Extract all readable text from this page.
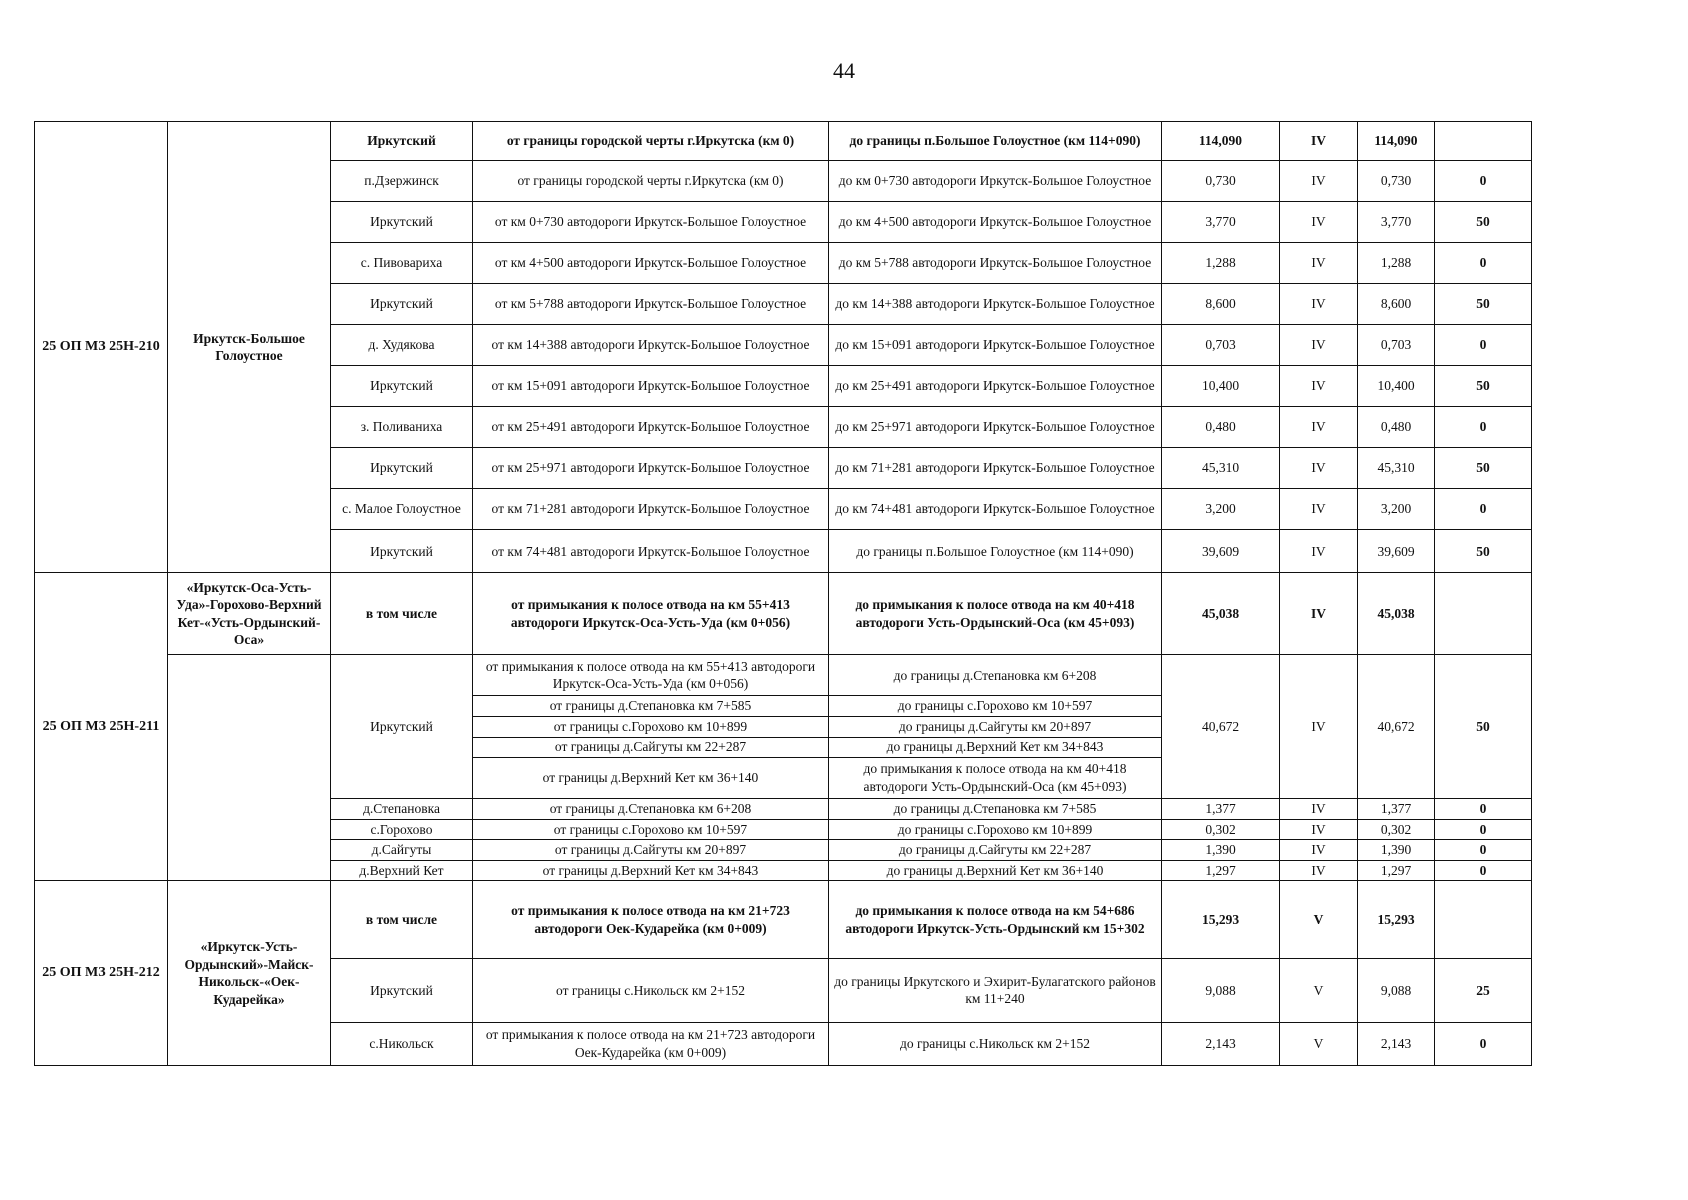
44
25 ОП МЗ 25Н-210	Иркутск-Большое Голоустное	Иркутский	от границы городской черты г.Иркутска (км 0)	до границы п.Большое Голоустное (км 114+090)	114,090	IV	114,090	
		п.Дзержинск	от границы городской черты г.Иркутска (км 0)	до км 0+730 автодороги Иркутск-Большое Голоустное	0,730	IV	0,730	0
		Иркутский	от км 0+730 автодороги Иркутск-Большое Голоустное	до км 4+500 автодороги Иркутск-Большое Голоустное	3,770	IV	3,770	50
		с. Пивовариха	от км 4+500 автодороги Иркутск-Большое Голоустное	до км 5+788 автодороги Иркутск-Большое Голоустное	1,288	IV	1,288	0
		Иркутский	от км 5+788 автодороги Иркутск-Большое Голоустное	до км 14+388 автодороги Иркутск-Большое Голоустное	8,600	IV	8,600	50
		д. Худякова	от км 14+388 автодороги Иркутск-Большое Голоустное	до км 15+091 автодороги Иркутск-Большое Голоустное	0,703	IV	0,703	0
		Иркутский	от км 15+091 автодороги Иркутск-Большое Голоустное	до км 25+491 автодороги Иркутск-Большое Голоустное	10,400	IV	10,400	50
		з. Поливаниха	от км 25+491 автодороги Иркутск-Большое Голоустное	до км 25+971 автодороги Иркутск-Большое Голоустное	0,480	IV	0,480	0
		Иркутский	от км 25+971 автодороги Иркутск-Большое Голоустное	до км 71+281 автодороги Иркутск-Большое Голоустное	45,310	IV	45,310	50
		с. Малое Голоустное	от км 71+281 автодороги Иркутск-Большое Голоустное	до км 74+481 автодороги Иркутск-Большое Голоустное	3,200	IV	3,200	0
		Иркутский	от км 74+481 автодороги Иркутск-Большое Голоустное	до границы п.Большое Голоустное (км 114+090)	39,609	IV	39,609	50
25 ОП МЗ 25Н-211	«Иркутск-Оса-Усть-Уда»-Горохово-Верхний Кет-«Усть-Ордынский-Оса»	в том числе	от примыкания к полосе отвода на км 55+413 автодороги Иркутск-Оса-Усть-Уда (км 0+056)	до примыкания к полосе отвода на км 40+418 автодороги Усть-Ордынский-Оса (км 45+093)	45,038	IV	45,038	
		Иркутский	от примыкания к полосе отвода на км 55+413 автодороги Иркутск-Оса-Усть-Уда (км 0+056)	до границы д.Степановка км 6+208	40,672	IV	40,672	50
			от границы д.Степановка км 7+585	до границы с.Горохово км 10+597				
			от границы с.Горохово км 10+899	до границы д.Сайгуты км 20+897				
			от границы д.Сайгуты км 22+287	до границы д.Верхний Кет км 34+843				
			от границы д.Верхний Кет км 36+140	до примыкания к полосе отвода на км 40+418 автодороги Усть-Ордынский-Оса (км 45+093)				
		д.Степановка	от границы д.Степановка км 6+208	до границы д.Степановка км 7+585	1,377	IV	1,377	0
		с.Горохово	от границы с.Горохово км 10+597	до границы с.Горохово км 10+899	0,302	IV	0,302	0
		д.Сайгуты	от границы д.Сайгуты км 20+897	до границы д.Сайгуты км 22+287	1,390	IV	1,390	0
		д.Верхний Кет	от границы д.Верхний Кет км 34+843	до границы д.Верхний Кет км 36+140	1,297	IV	1,297	0
25 ОП МЗ 25Н-212	«Иркутск-Усть-Ордынский»-Майск-Никольск-«Оек-Кударейка»	в том числе	от примыкания к полосе отвода на км 21+723 автодороги Оек-Кударейка (км 0+009)	до примыкания к полосе отвода на км 54+686 автодороги Иркутск-Усть-Ордынский км 15+302	15,293	V	15,293	
		Иркутский	от границы с.Никольск км 2+152	до границы Иркутского и Эхирит-Булагатского районов км 11+240	9,088	V	9,088	25
		с.Никольск	от примыкания к полосе отвода на км 21+723 автодороги Оек-Кударейка (км 0+009)	до границы с.Никольск км 2+152	2,143	V	2,143	0
